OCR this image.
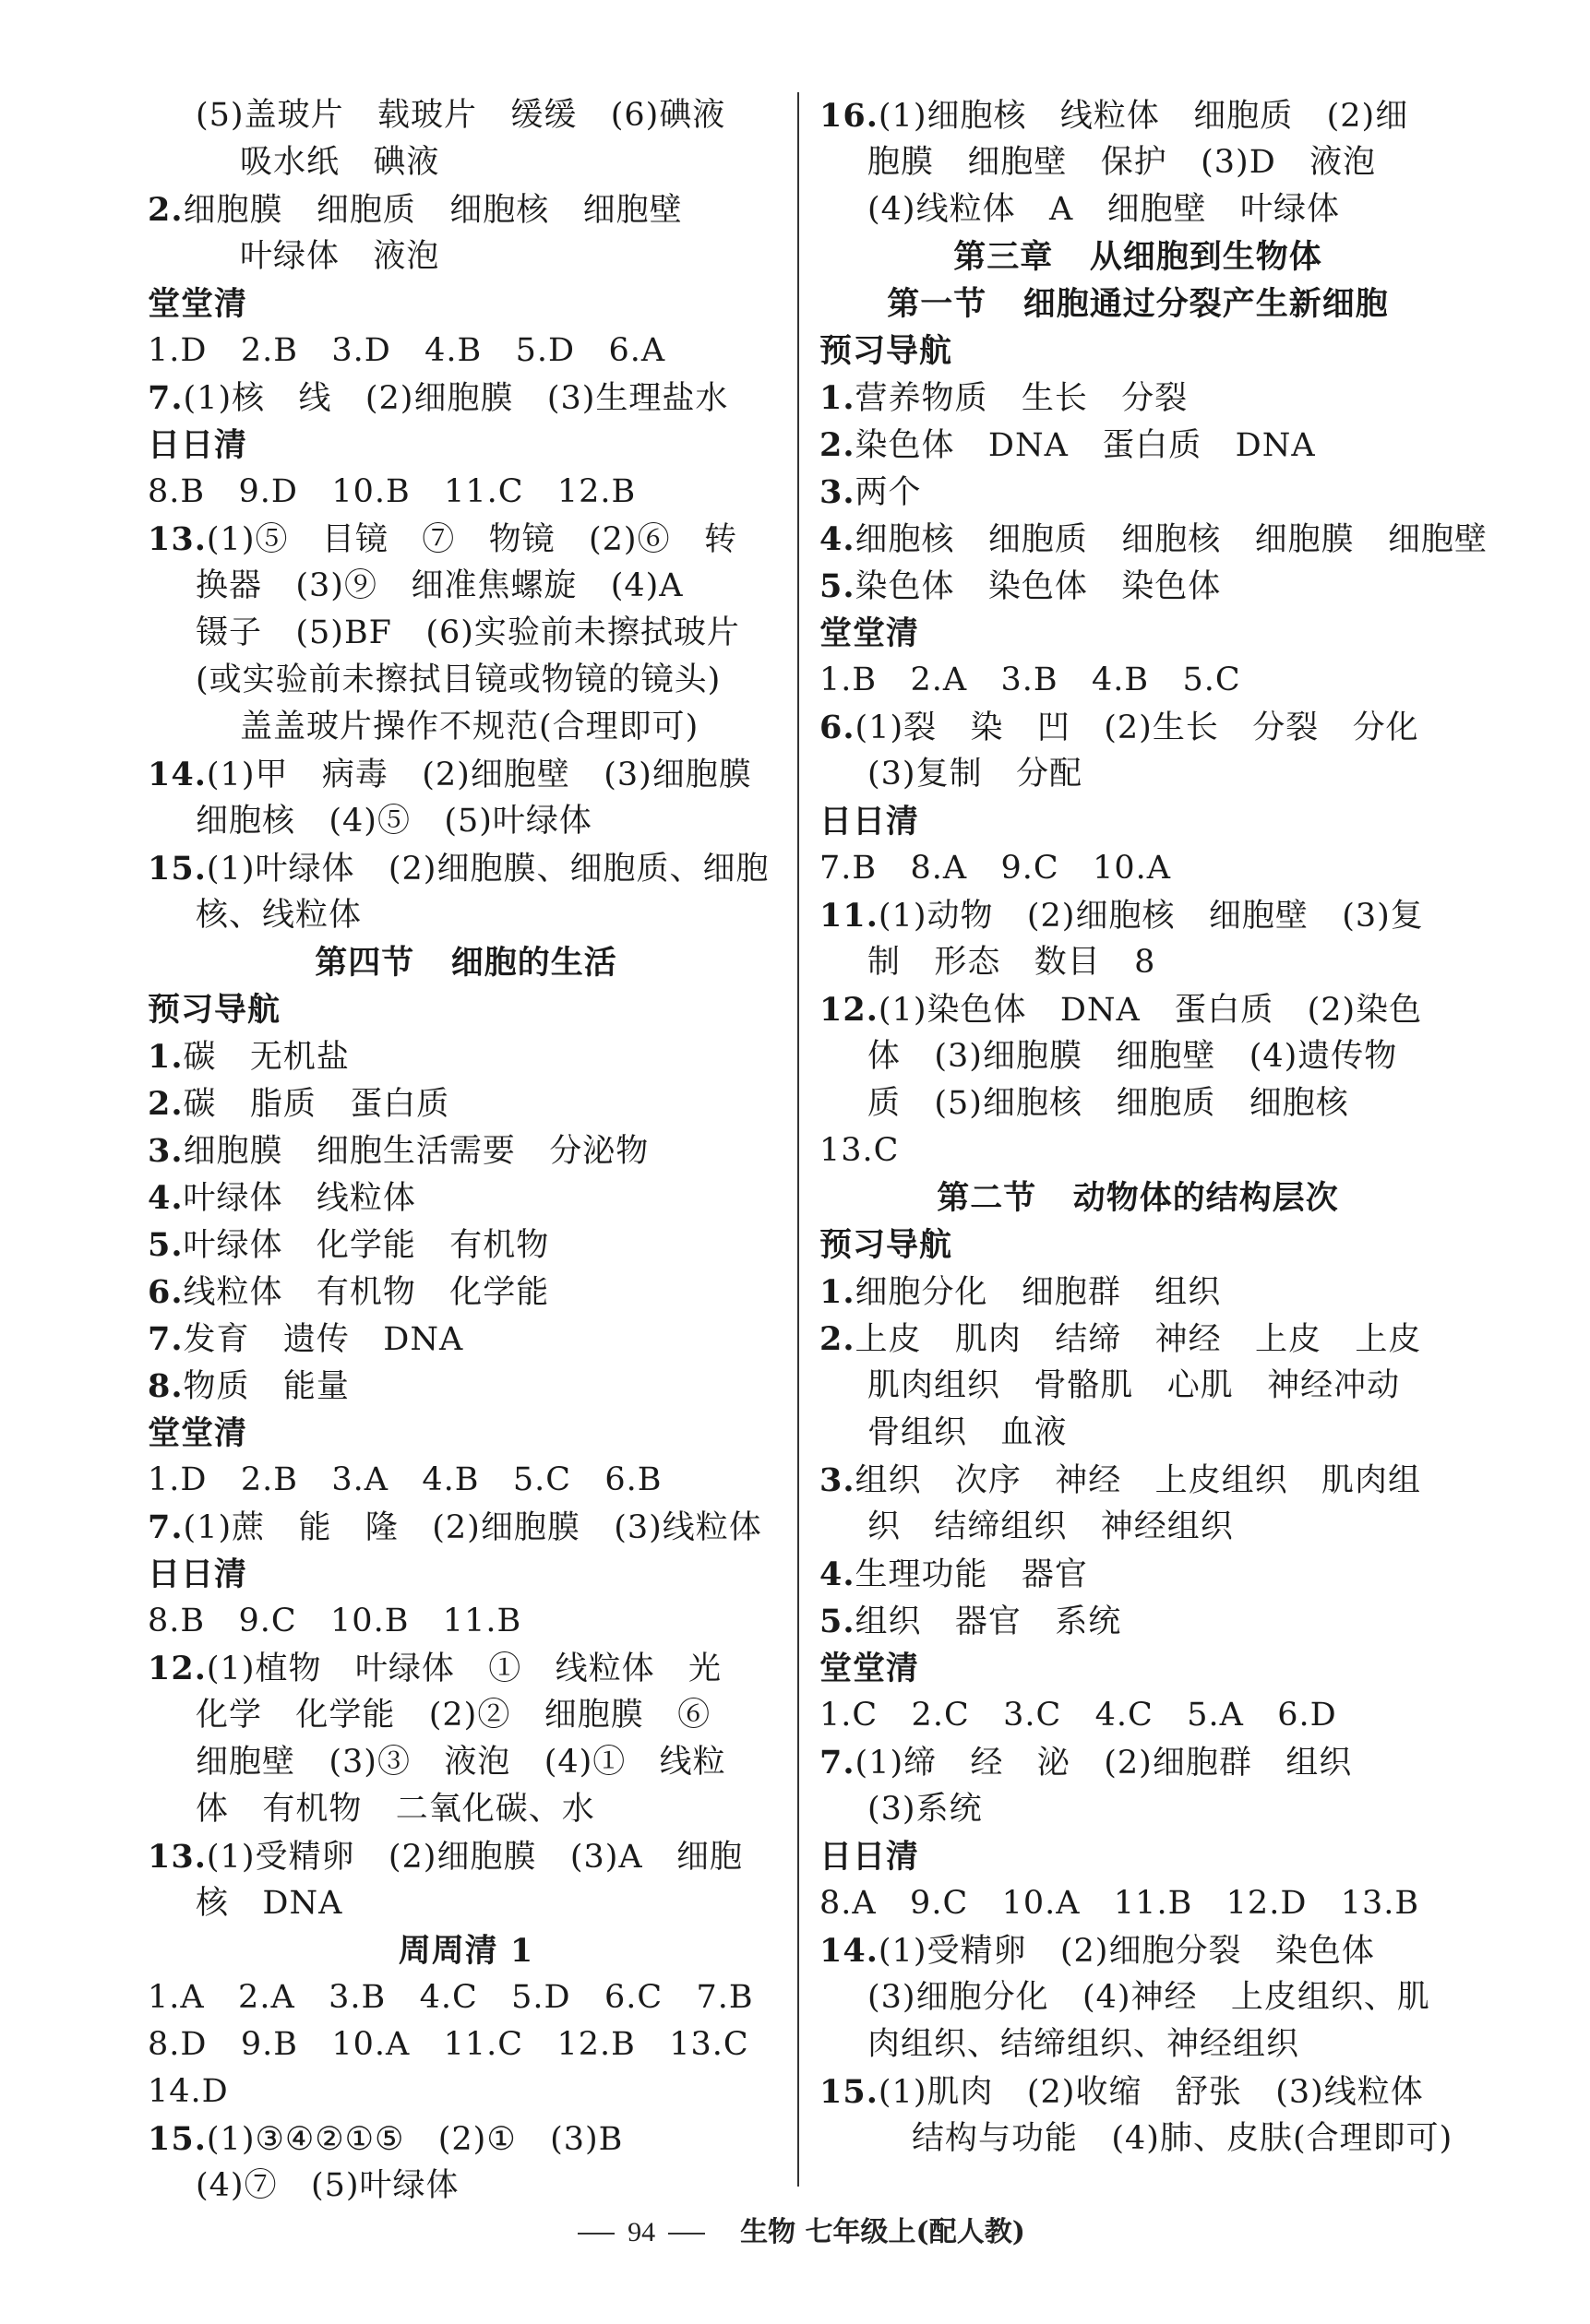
(5)盖玻片   载玻片   缓缓   (6)碘液
吸水纸   碘液
2.细胞膜   细胞质   细胞核   细胞壁
叶绿体   液泡
堂堂清
1.D   2.B   3.D   4.B   5.D   6.A
7.(1)核   线   (2)细胞膜   (3)生理盐水
日日清
8.B   9.D   10.B   11.C   12.B
13.(1)⑤   目镜   ⑦   物镜   (2)⑥   转
换器   (3)⑨   细准焦螺旋   (4)A
镊子   (5)BF   (6)实验前未擦拭玻片
(或实验前未擦拭目镜或物镜的镜头)
盖盖玻片操作不规范(合理即可)
14.(1)甲   病毒   (2)细胞壁   (3)细胞膜
细胞核   (4)⑤   (5)叶绿体
15.(1)叶绿体   (2)细胞膜、细胞质、细胞
核、线粒体
第四节   细胞的生活
预习导航
1.碳   无机盐
2.碳   脂质   蛋白质
3.细胞膜   细胞生活需要   分泌物
4.叶绿体   线粒体
5.叶绿体   化学能   有机物
6.线粒体   有机物   化学能
7.发育   遗传   DNA
8.物质   能量
堂堂清
1.D   2.B   3.A   4.B   5.C   6.B
7.(1)蔗   能   隆   (2)细胞膜   (3)线粒体
日日清
8.B   9.C   10.B   11.B
12.(1)植物   叶绿体   ①   线粒体   光
化学   化学能   (2)②   细胞膜   ⑥
细胞壁   (3)③   液泡   (4)①   线粒
体   有机物   二氧化碳、水
13.(1)受精卵   (2)细胞膜   (3)A   细胞
核   DNA
周周清 1
1.A   2.A   3.B   4.C   5.D   6.C   7.B
8.D   9.B   10.A   11.C   12.B   13.C
14.D
15.(1)③④②①⑤   (2)①   (3)B
(4)⑦   (5)叶绿体
16.(1)细胞核   线粒体   细胞质   (2)细
胞膜   细胞壁   保护   (3)D   液泡
(4)线粒体   A   细胞壁   叶绿体
第三章   从细胞到生物体
第一节   细胞通过分裂产生新细胞
预习导航
1.营养物质   生长   分裂
2.染色体   DNA   蛋白质   DNA
3.两个
4.细胞核   细胞质   细胞核   细胞膜   细胞壁
5.染色体   染色体   染色体
堂堂清
1.B   2.A   3.B   4.B   5.C
6.(1)裂   染   凹   (2)生长   分裂   分化
(3)复制   分配
日日清
7.B   8.A   9.C   10.A
11.(1)动物   (2)细胞核   细胞壁   (3)复
制   形态   数目   8
12.(1)染色体   DNA   蛋白质   (2)染色
体   (3)细胞膜   细胞壁   (4)遗传物
质   (5)细胞核   细胞质   细胞核
13.C
第二节   动物体的结构层次
预习导航
1.细胞分化   细胞群   组织
2.上皮   肌肉   结缔   神经   上皮   上皮
肌肉组织   骨骼肌   心肌   神经冲动
骨组织   血液
3.组织   次序   神经   上皮组织   肌肉组
织   结缔组织   神经组织
4.生理功能   器官
5.组织   器官   系统
堂堂清
1.C   2.C   3.C   4.C   5.A   6.D
7.(1)缔   经   泌   (2)细胞群   组织
(3)系统
日日清
8.A   9.C   10.A   11.B   12.D   13.B
14.(1)受精卵   (2)细胞分裂   染色体
(3)细胞分化   (4)神经   上皮组织、肌
肉组织、结缔组织、神经组织
15.(1)肌肉   (2)收缩   舒张   (3)线粒体
结构与功能   (4)肺、皮肤(合理即可)
94	生物 七年级上(配人教)
